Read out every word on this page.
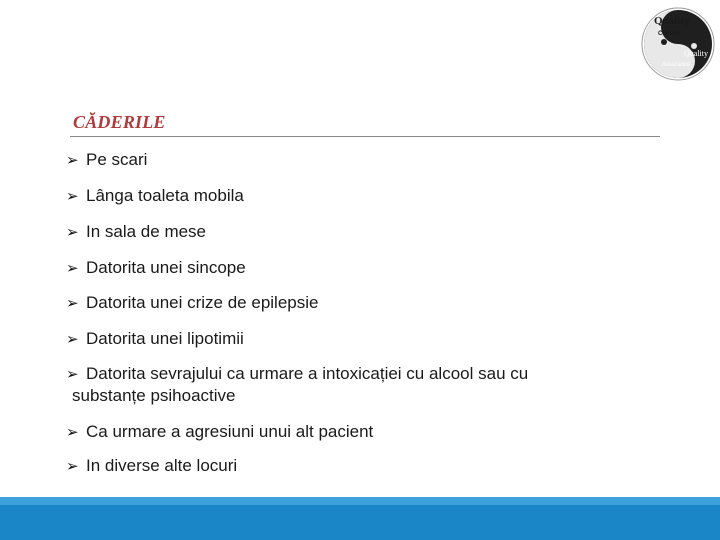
Quality
Control
Quality
Assurance
CĂDERILE
➢ Pe scari
➢ Lânga toaleta mobila
➢ In sala de mese
➢ Datorita unei sincope
➢ Datorita unei crize de epilepsie
➢ Datorita unei lipotimii
➢ Datorita sevrajului ca urmare a intoxicației cu alcool sau cu
substanțe psihoactive
➢ Ca urmare a agresiuni unui alt pacient
➢ In diverse alte locuri
